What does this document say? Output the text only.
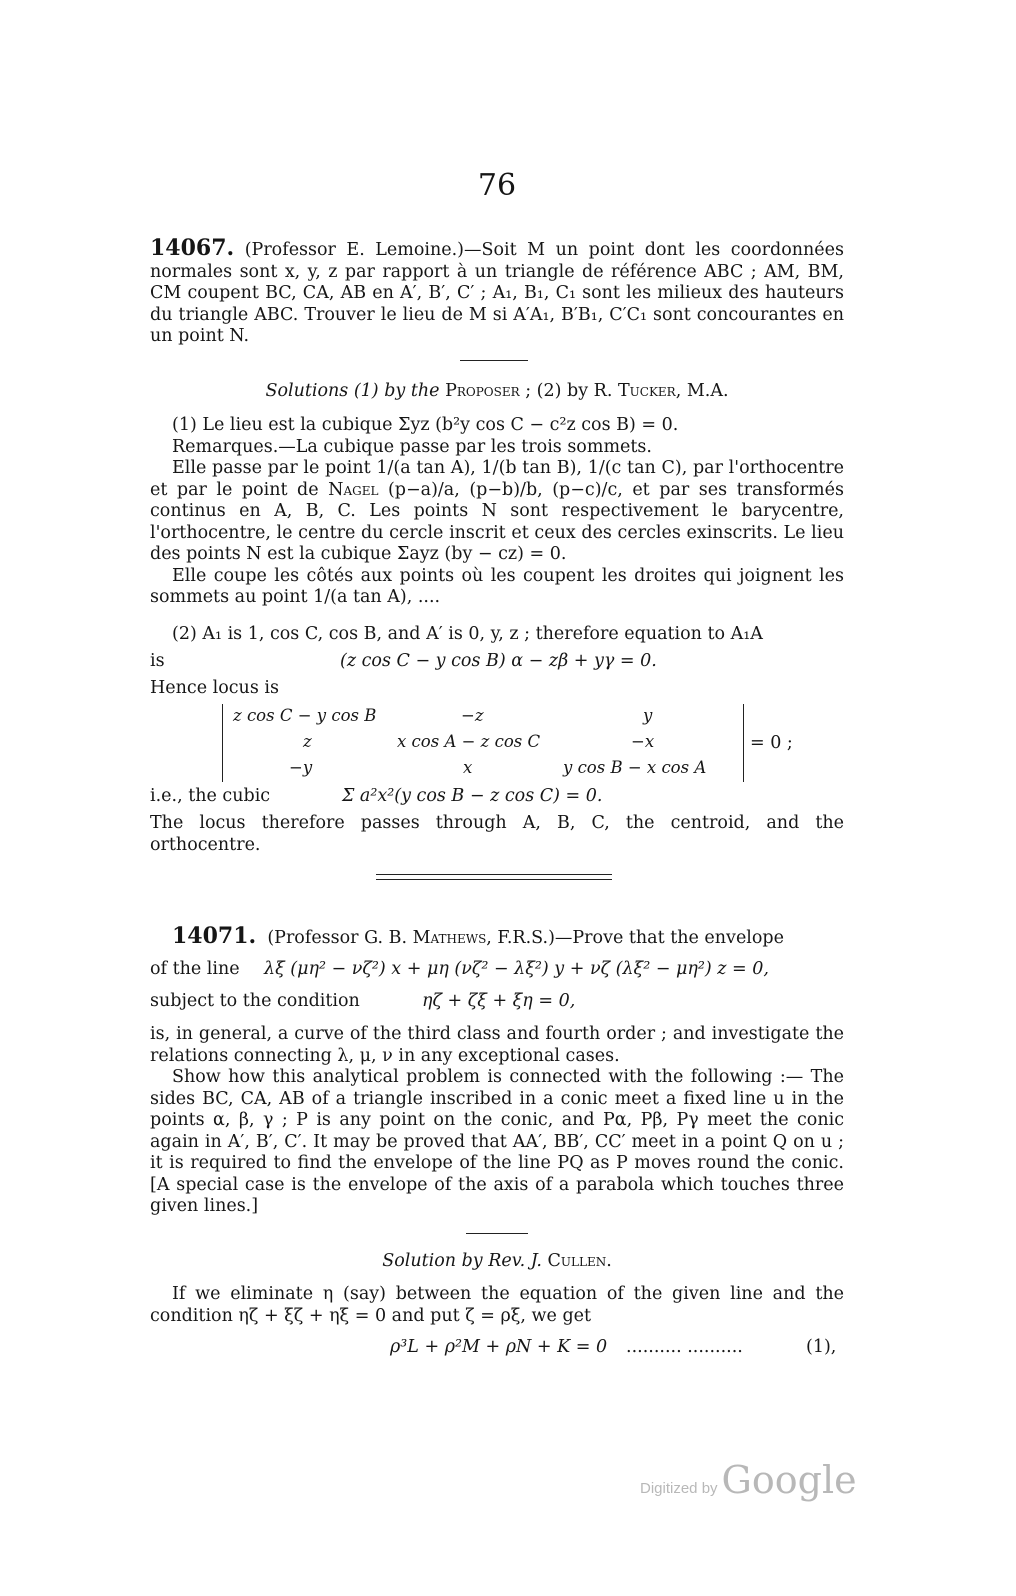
76

14067. (Professor E. Lemoine.)—Soit M un point dont les coordonnées normales sont x, y, z par rapport à un triangle de référence ABC ; AM, BM, CM coupent BC, CA, AB en A′, B′, C′ ; A₁, B₁, C₁ sont les milieux des hauteurs du triangle ABC. Trouver le lieu de M si A′A₁, B′B₁, C′C₁ sont concourantes en un point N.

Solutions (1) by the Proposer ; (2) by R. Tucker, M.A.

(1) Le lieu est la cubique Σyz (b²y cos C − c²z cos B) = 0.

Remarques.—La cubique passe par les trois sommets.

Elle passe par le point 1/(a tan A), 1/(b tan B), 1/(c tan C), par l'orthocentre et par le point de Nagel (p−a)/a, (p−b)/b, (p−c)/c, et par ses transformés continus en A, B, C. Les points N sont respectivement le barycentre, l'orthocentre, le centre du cercle inscrit et ceux des cercles exinscrits. Le lieu des points N est la cubique Σayz (by − cz) = 0.

Elle coupe les côtés aux points où les coupent les droites qui joignent les sommets au point 1/(a tan A), ....

(2) A₁ is 1, cos C, cos B, and A′ is 0, y, z ; therefore equation to A₁A

is	(z cos C − y cos B) α − zβ + yγ = 0.
Hence locus is
z cos C − y cos B	−z	y
z	x cos A − z cos C	−x
−y	x	y cos B − x cos A
= 0 ;
i.e., the cubic	Σ a²x²(y cos B − z cos C) = 0.

The locus therefore passes through A, B, C, the centroid, and the orthocentre.

14071. (Professor G. B. Mathews, F.R.S.)—Prove that the envelope

of the line λξ (μη² − νζ²) x + μη (νζ² − λξ²) y + νζ (λξ² − μη²) z = 0,
subject to the condition	ηζ + ζξ + ξη = 0,

is, in general, a curve of the third class and fourth order ; and investigate the relations connecting λ, μ, ν in any exceptional cases.

Show how this analytical problem is connected with the following :— The sides BC, CA, AB of a triangle inscribed in a conic meet a fixed line u in the points α, β, γ ; P is any point on the conic, and Pα, Pβ, Pγ meet the conic again in A′, B′, C′. It may be proved that AA′, BB′, CC′ meet in a point Q on u ; it is required to find the envelope of the line PQ as P moves round the conic. [A special case is the envelope of the axis of a parabola which touches three given lines.]

Solution by Rev. J. Cullen.

If we eliminate η (say) between the equation of the given line and the condition ηζ + ξζ + ηξ = 0 and put ζ = ρξ, we get

ρ³L + ρ²M + ρN + K = 0 .......... ..........	(1),
Digitized by Google
